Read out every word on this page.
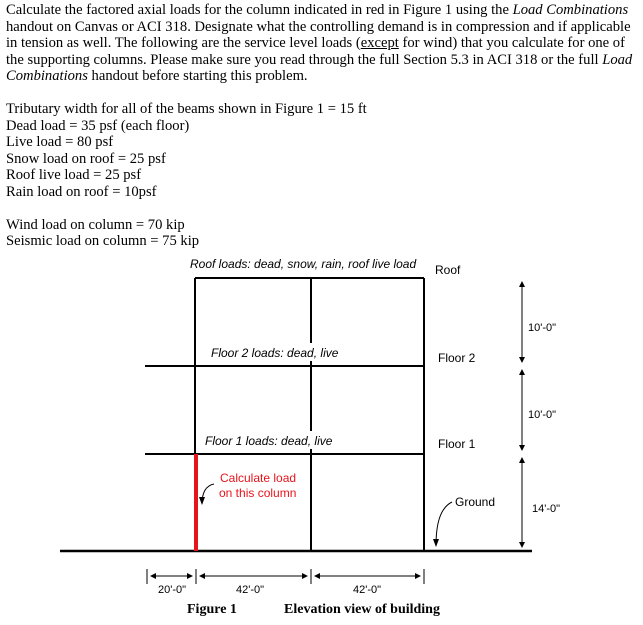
Calculate the factored axial loads for the column indicated in red in Figure 1 using the Load Combinations handout on Canvas or ACI 318. Designate what the controlling demand is in compression and if applicable in tension as well. The following are the service level loads (except for wind) that you calculate for one of the supporting columns. Please make sure you read through the full Section 5.3 in ACI 318 or the full Load Combinations handout before starting this problem.

Tributary width for all of the beams shown in Figure 1 = 15 ft

Dead load = 35 psf (each floor)

Live load = 80 psf

Snow load on roof = 25 psf

Roof live load = 25 psf

Rain load on roof = 10psf

Wind load on column = 70 kip

Seismic load on column = 75 kip

Roof loads: dead, snow, rain, roof live load
Floor 2 loads: dead, live
Floor 1 loads: dead, live
Calculate load
on this column
Roof
Floor 2
Floor 1
Ground
10'-0"
10'-0"
14'-0"
20'-0"	42'-0"	42'-0"
Figure 1	Elevation view of building
